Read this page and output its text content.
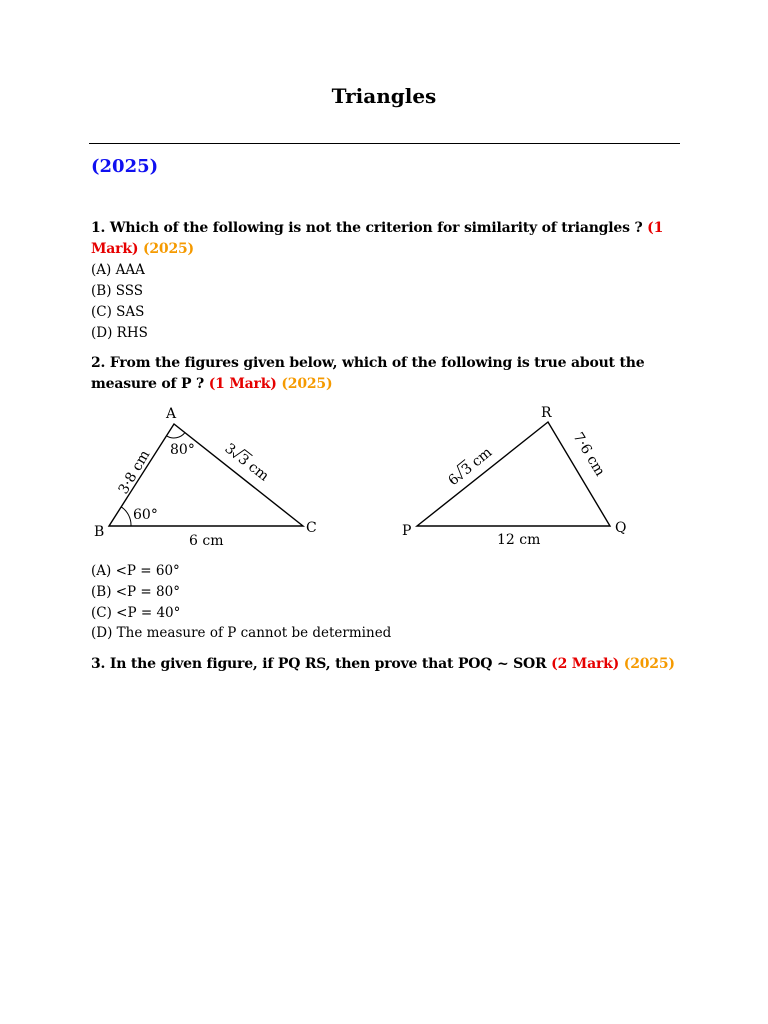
Triangles
(2025)
1. Which of the following is not the criterion for similarity of triangles ? (1 Mark) (2025)
(A) AAA
(B) SSS
(C) SAS
(D) RHS
2. From the figures given below, which of the following is true about the measure of P ? (1 Mark) (2025)
A
B	C
80°
60°
3·8 cm
6 cm
3
3
cm
P	Q
R
6
3
cm	7·6 cm
12 cm
(A) <P = 60°
(B) <P = 80°
(C) <P = 40°
(D) The measure of P cannot be determined
3. In the given figure, if PQ RS, then prove that POQ ~ SOR (2 Mark) (2025)
